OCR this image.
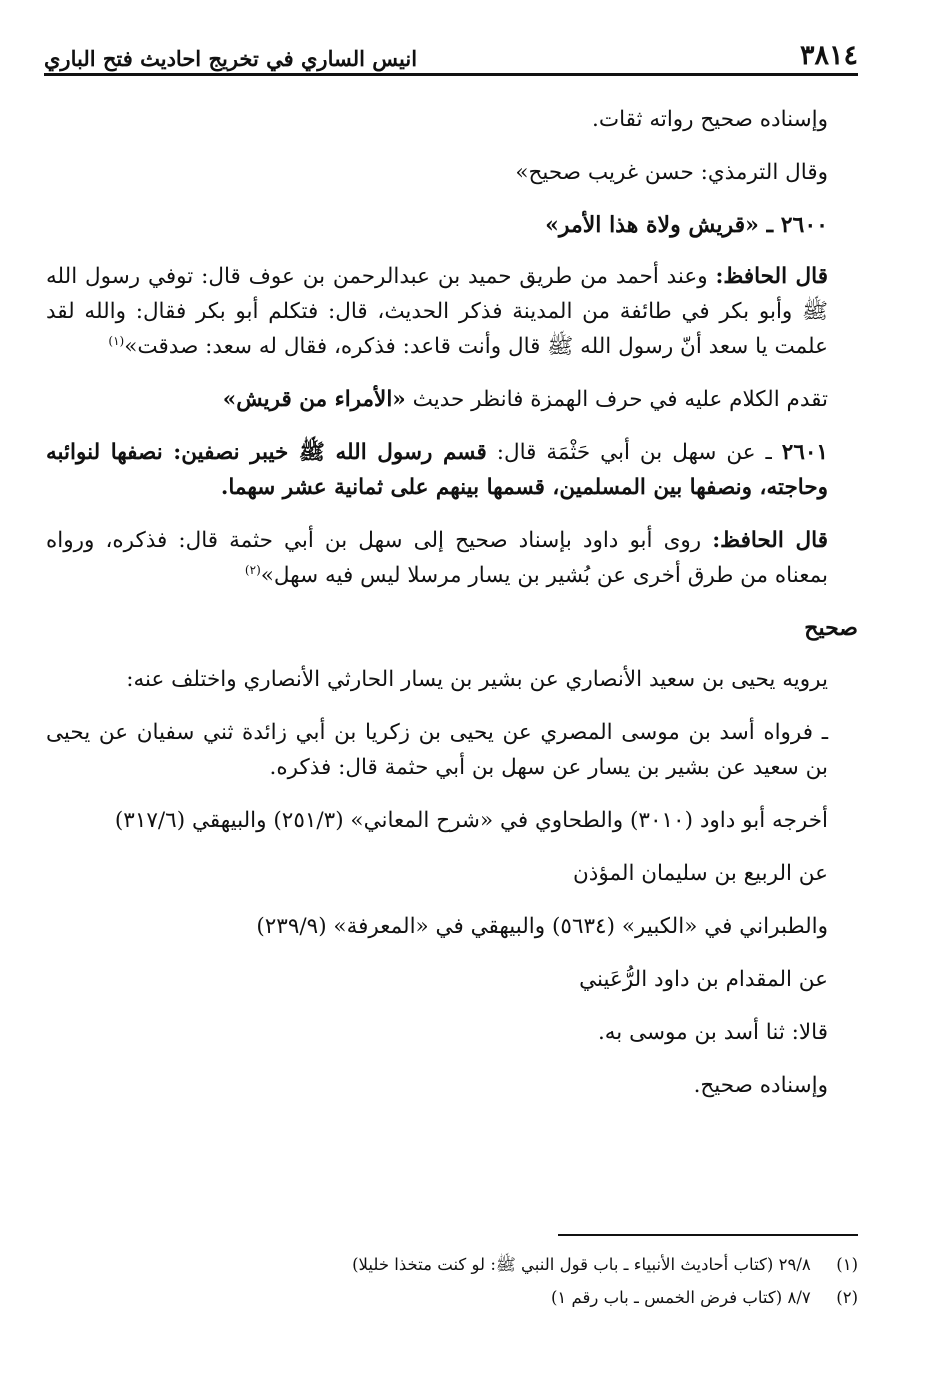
٣٨١٤
انيس الساري في تخريج احاديث فتح الباري

وإسناده صحيح رواته ثقات.

وقال الترمذي: حسن غريب صحيح»

٢٦٠٠ ـ «قريش ولاة هذا الأمر»

قال الحافظ: وعند أحمد من طريق حميد بن عبدالرحمن بن عوف قال: توفي رسول الله ﷺ وأبو بكر في طائفة من المدينة فذكر الحديث، قال: فتكلم أبو بكر فقال: والله لقد علمت يا سعد أنّ رسول الله ﷺ قال وأنت قاعد: فذكره، فقال له سعد: صدقت»$^{(١)}$

تقدم الكلام عليه في حرف الهمزة فانظر حديث «الأمراء من قريش»

٢٦٠١ ـ عن سهل بن أبي حَثْمَة قال: قسم رسول الله ﷺ خيبر نصفين: نصفها لنوائبه وحاجته، ونصفها بين المسلمين، قسمها بينهم على ثمانية عشر سهما.

قال الحافظ: روى أبو داود بإسناد صحيح إلى سهل بن أبي حثمة قال: فذكره، ورواه بمعناه من طرق أخرى عن بُشير بن يسار مرسلا ليس فيه سهل»$^{(٢)}$

صحيح

يرويه يحيى بن سعيد الأنصاري عن بشير بن يسار الحارثي الأنصاري واختلف عنه:

ـ فرواه أسد بن موسى المصري عن يحيى بن زكريا بن أبي زائدة ثني سفيان عن يحيى بن سعيد عن بشير بن يسار عن سهل بن أبي حثمة قال: فذكره.

أخرجه أبو داود (٣٠١٠) والطحاوي في «شرح المعاني» (٢٥١/٣) والبيهقي (٣١٧/٦)

عن الربيع بن سليمان المؤذن

والطبراني في «الكبير» (٥٦٣٤) والبيهقي في «المعرفة» (٢٣٩/٩)

عن المقدام بن داود الرُّعَيني

قالا: ثنا أسد بن موسى به.

وإسناده صحيح.

(١) ٢٩/٨ (كتاب أحاديث الأنبياء ـ باب قول النبي ﷺ: لو كنت متخذا خليلا)

(٢) ٨/٧ (كتاب فرض الخمس ـ باب رقم ١)
